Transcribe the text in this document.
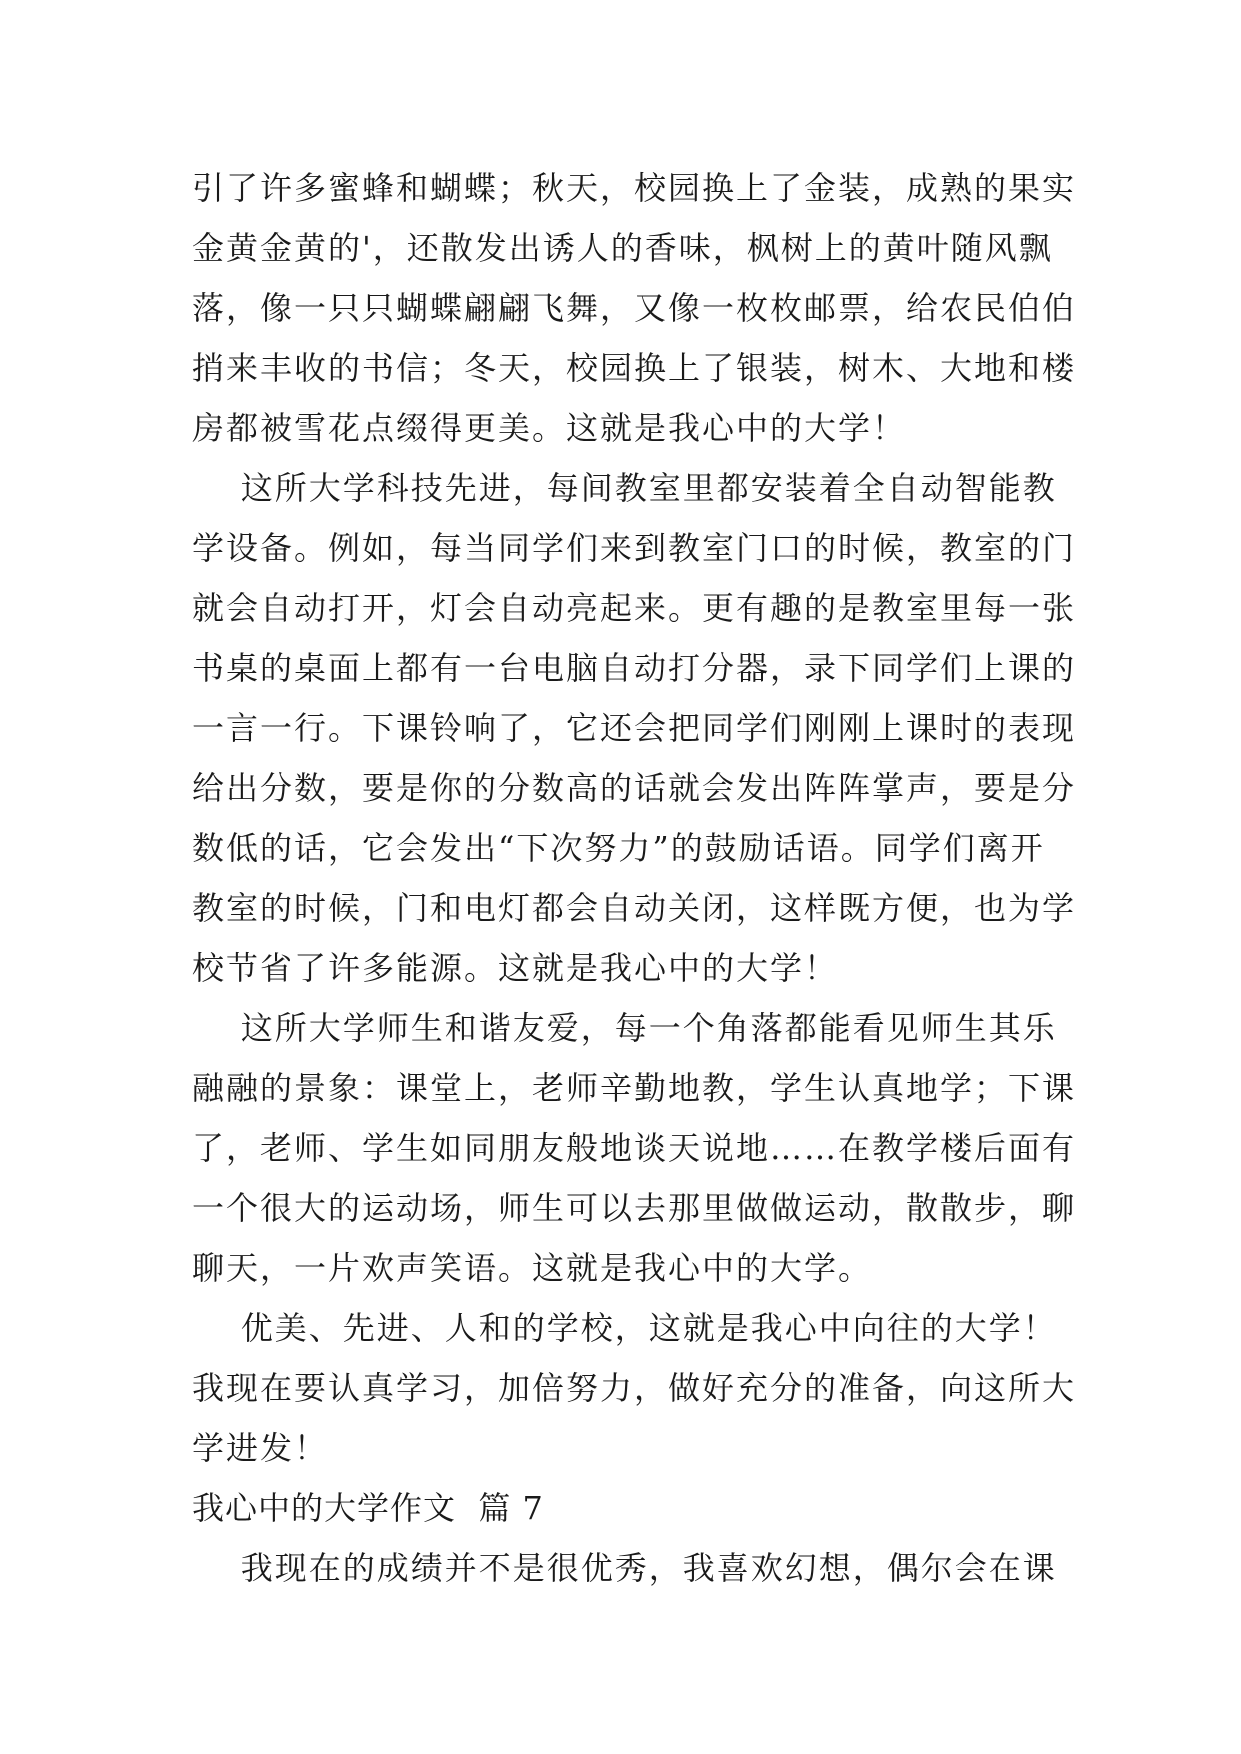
引了许多蜜蜂和蝴蝶；秋天，校园换上了金装，成熟的果实
金黄金黄的'，还散发出诱人的香味，枫树上的黄叶随风飘
落，像一只只蝴蝶翩翩飞舞，又像一枚枚邮票，给农民伯伯
捎来丰收的书信；冬天，校园换上了银装，树木、大地和楼
房都被雪花点缀得更美。这就是我心中的大学！
这所大学科技先进，每间教室里都安装着全自动智能教
学设备。例如，每当同学们来到教室门口的时候，教室的门
就会自动打开，灯会自动亮起来。更有趣的是教室里每一张
书桌的桌面上都有一台电脑自动打分器，录下同学们上课的
一言一行。下课铃响了，它还会把同学们刚刚上课时的表现
给出分数，要是你的分数高的话就会发出阵阵掌声，要是分
数低的话，它会发出“下次努力”的鼓励话语。同学们离开
教室的时候，门和电灯都会自动关闭，这样既方便，也为学
校节省了许多能源。这就是我心中的大学！
这所大学师生和谐友爱，每一个角落都能看见师生其乐
融融的景象：课堂上，老师辛勤地教，学生认真地学；下课
了，老师、学生如同朋友般地谈天说地……在教学楼后面有
一个很大的运动场，师生可以去那里做做运动，散散步，聊
聊天，一片欢声笑语。这就是我心中的大学。
优美、先进、人和的学校，这就是我心中向往的大学！
我现在要认真学习，加倍努力，做好充分的准备，向这所大
学进发！
我心中的大学作文  篇 7
我现在的成绩并不是很优秀，我喜欢幻想，偶尔会在课
